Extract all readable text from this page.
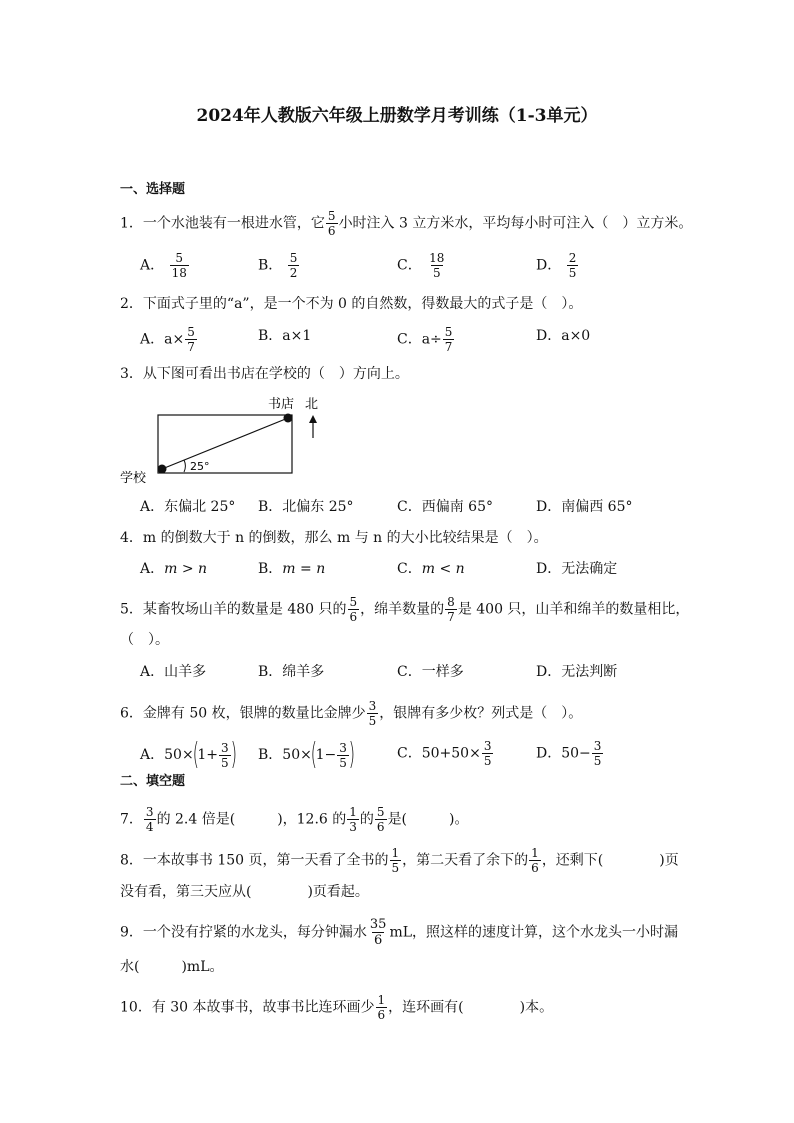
2024年人教版六年级上册数学月考训练（1-3单元）
一、选择题
1．一个水池装有一根进水管，它 $\frac{5}{6}$ 小时注入 3 立方米水，平均每小时可注入（　）立方米。
A． $\frac{5}{18}$	B． $\frac{5}{2}$	C． $\frac{18}{5}$	D． $\frac{2}{5}$
2．下面式子里的“a”，是一个不为 0 的自然数，得数最大的式子是（　）。
A．$a\times \frac{5}{7}$	B．a×1	C．$a\div \frac{5}{7}$	D．a×0
3．从下图可看出书店在学校的（　）方向上。
25°
书店 北
学校
A．东偏北 25° B．北偏东 25°	C．西偏南 65°	D．南偏西 65°
4．m 的倒数大于 n 的倒数，那么 m 与 n 的大小比较结果是（　）。
A．m > n	B．m = n	C．m < n	D．无法确定
5．某畜牧场山羊的数量是 480 只的 $\frac{5}{6}$ ，绵羊数量的 $\frac{8}{7}$ 是 400 只，山羊和绵羊的数量相比，
（　）。
A．山羊多	B．绵羊多	C．一样多	D．无法判断
6．金牌有 50 枚，银牌的数量比金牌少 $\frac{3}{5}$ ，银牌有多少枚？列式是（　）。
A．$50\times(1+ \frac{3}{5}$ ) B．$50\times(1- \frac{3}{5}$ )	C．$50+50\times \frac{3}{5}$	D．$50- \frac{3}{5}$
二、填空题
7． $\frac{3}{4}$ 的 2.4 倍是(　　　)，12.6 的 $\frac{1}{3}$ 的 $\frac{5}{6}$ 是(　　　)。
8．一本故事书 150 页，第一天看了全书的 $\frac{1}{5}$ ，第二天看了余下的 $\frac{1}{6}$ ，还剩下(　　　　)页
没有看，第三天应从(　　　　)页看起。
9．一个没有拧紧的水龙头，每分钟漏水 $\frac{35}{6}$ mL，照这样的速度计算，这个水龙头一小时漏
水(　　　)mL。
10．有 30 本故事书，故事书比连环画少 $\frac{1}{6}$ ，连环画有(　　　　)本。
